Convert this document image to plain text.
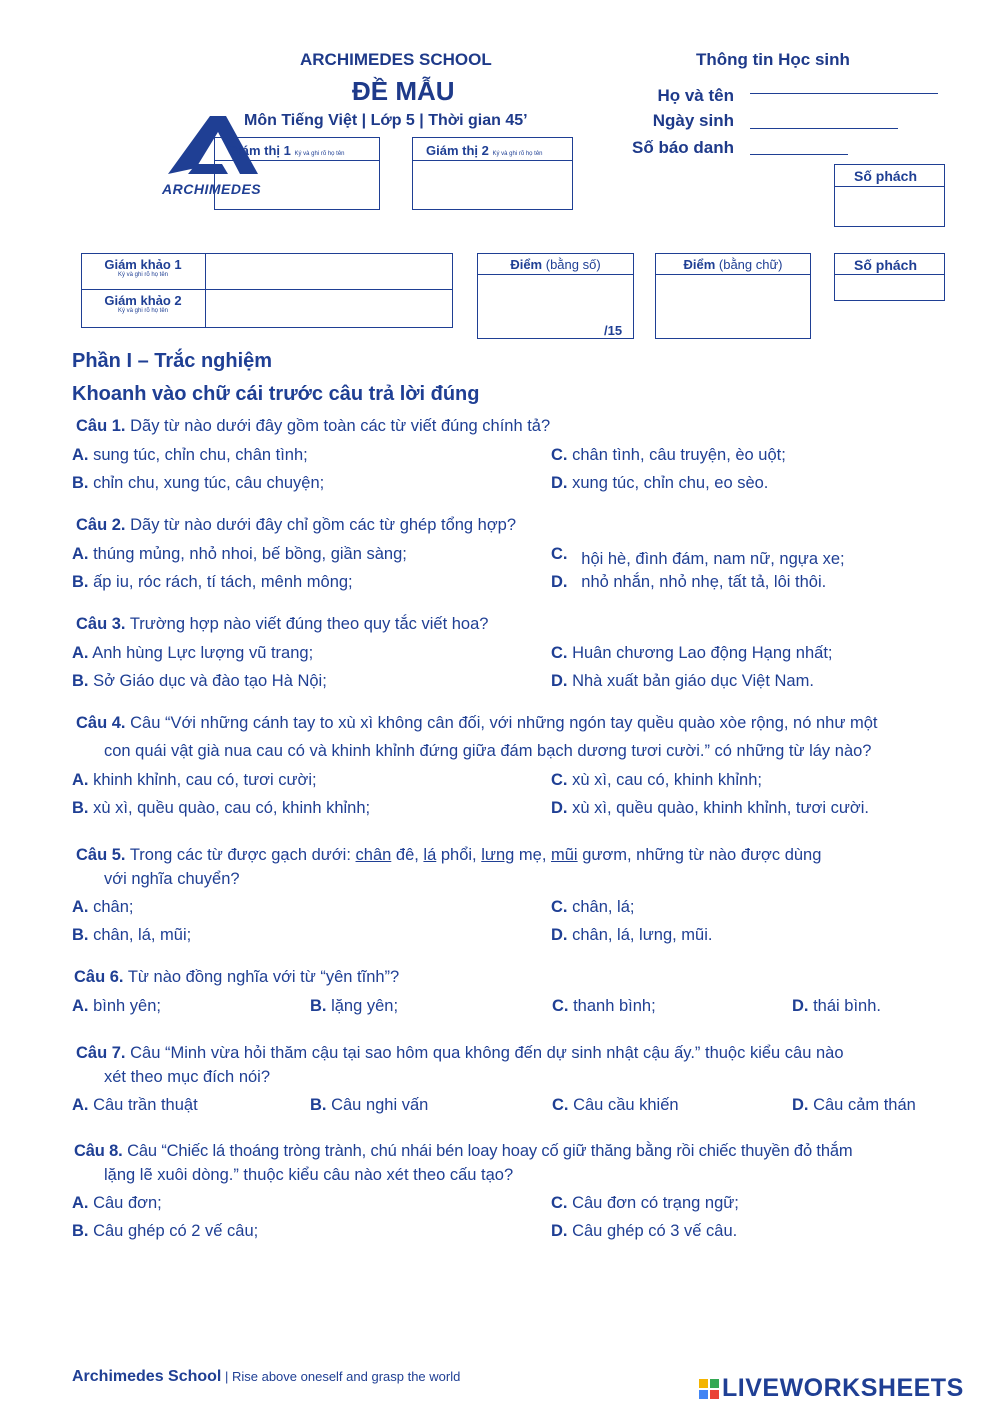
ARCHIMEDES SCHOOL
ĐỀ MẪU
Môn Tiếng Việt | Lớp 5 | Thời gian 45’
ARCHIMEDES
Giám thị 1 Ký và ghi rõ họ tên	Giám thị 2 Ký và ghi rõ họ tên
Thông tin Học sinh
Họ và tên
Ngày sinh
Số báo danh
Số phách
Giám khảo 1
Ký và ghi rõ họ tên
Giám khảo 2
Ký và ghi rõ họ tên
Điểm (bằng số)
/15
Điểm (bằng chữ)	Số phách
Phần I – Trắc nghiệm
Khoanh vào chữ cái trước câu trả lời đúng
Câu 1. Dãy từ nào dưới đây gồm toàn các từ viết đúng chính tả?
A. sung túc, chỉn chu, chân tình;
B. chỉn chu, xung túc, câu chuyện;
C. chân tình, câu truyện, èo uột;
D. xung túc, chỉn chu, eo sèo.
Câu 2. Dãy từ nào dưới đây chỉ gồm các từ ghép tổng hợp?
A. thúng mủng, nhỏ nhoi, bế bồng, giần sàng;
B. ấp iu, róc rách, tí tách, mênh mông;
C. hội hè, đình đám, nam nữ, ngựa xe;
D. nhỏ nhắn, nhỏ nhẹ, tất tả, lôi thôi.
Câu 3. Trường hợp nào viết đúng theo quy tắc viết hoa?
A. Anh hùng Lực lượng vũ trang;
B. Sở Giáo dục và đào tạo Hà Nội;
C. Huân chương Lao động Hạng nhất;
D. Nhà xuất bản giáo dục Việt Nam.
Câu 4. Câu “Với những cánh tay to xù xì không cân đối, với những ngón tay quều quào xòe rộng, nó như một
con quái vật già nua cau có và khinh khỉnh đứng giữa đám bạch dương tươi cười.” có những từ láy nào?
A. khinh khỉnh, cau có, tươi cười;
B. xù xì, quều quào, cau có, khinh khỉnh;
C. xù xì, cau có, khinh khỉnh;
D. xù xì, quều quào, khinh khỉnh, tươi cười.
Câu 5. Trong các từ được gạch dưới: chân đê, lá phổi, lưng mẹ, mũi gươm, những từ nào được dùng
với nghĩa chuyển?
A. chân;
B. chân, lá, mũi;
C. chân, lá;
D. chân, lá, lưng, mũi.
Câu 6. Từ nào đồng nghĩa với từ “yên tĩnh”?
A. bình yên;	B. lặng yên;	C. thanh bình;	D. thái bình.
Câu 7. Câu “Minh vừa hỏi thăm cậu tại sao hôm qua không đến dự sinh nhật cậu ấy.” thuộc kiểu câu nào
xét theo mục đích nói?
A. Câu trần thuật	B. Câu nghi vấn	C. Câu cầu khiến	D. Câu cảm thán
Câu 8. Câu “Chiếc lá thoáng tròng trành, chú nhái bén loay hoay cố giữ thăng bằng rồi chiếc thuyền đỏ thắm
lặng lẽ xuôi dòng.” thuộc kiểu câu nào xét theo cấu tạo?
A. Câu đơn;
B. Câu ghép có 2 vế câu;
C. Câu đơn có trạng ngữ;
D. Câu ghép có 3 vế câu.
Archimedes School | Rise above oneself and grasp the world	LIVEWORKSHEETS
